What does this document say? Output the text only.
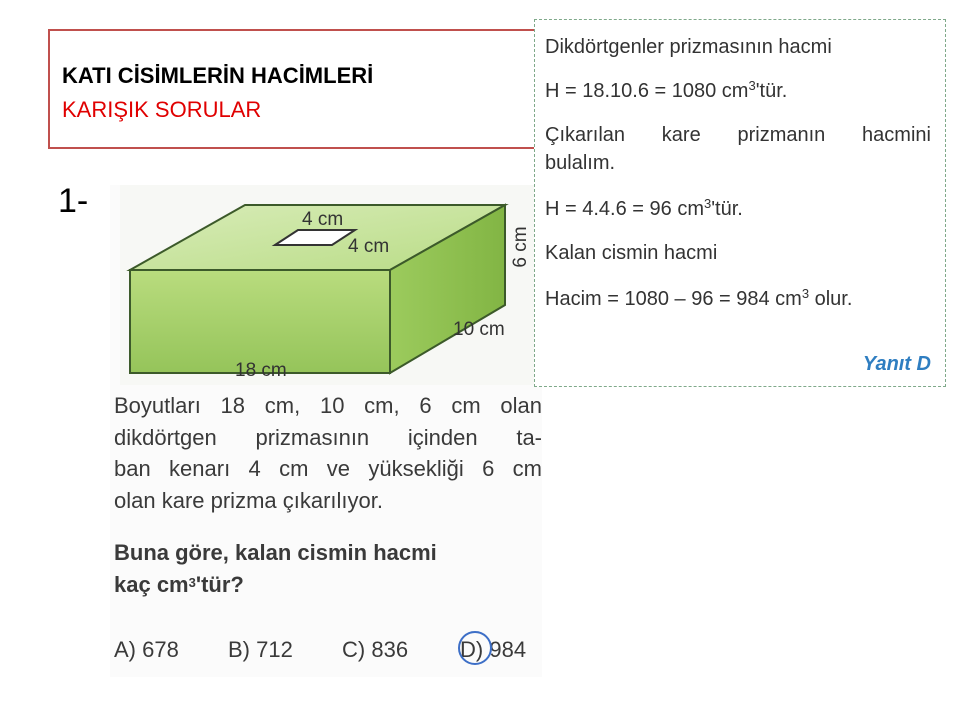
KATI CİSİMLERİN HACİMLERİ
KARIŞIK SORULAR
1-	4 cm
4 cm	6 cm
10 cm
18 cm
Boyutları 18 cm, 10 cm, 6 cm olan
dikdörtgen prizmasının içinden ta-
ban kenarı 4 cm ve yüksekliği 6 cm
olan kare prizma çıkarılıyor.
Buna göre, kalan cismin hacmi
kaç $cm^3'tür$?
A) 678 B) 712 C) 836 D) 984
Dikdörtgenler prizmasının hacmi
H = 18.10.6 = 1080 $cm^3'tür$.
Çıkarılan kare prizmanın hacmini
bulalım.
H = 4.4.6 = 96 $cm^3'tür$.
Kalan cismin hacmi
Hacim = 1080 – 96 = 984 $cm^3$ olur.
Yanıt D
